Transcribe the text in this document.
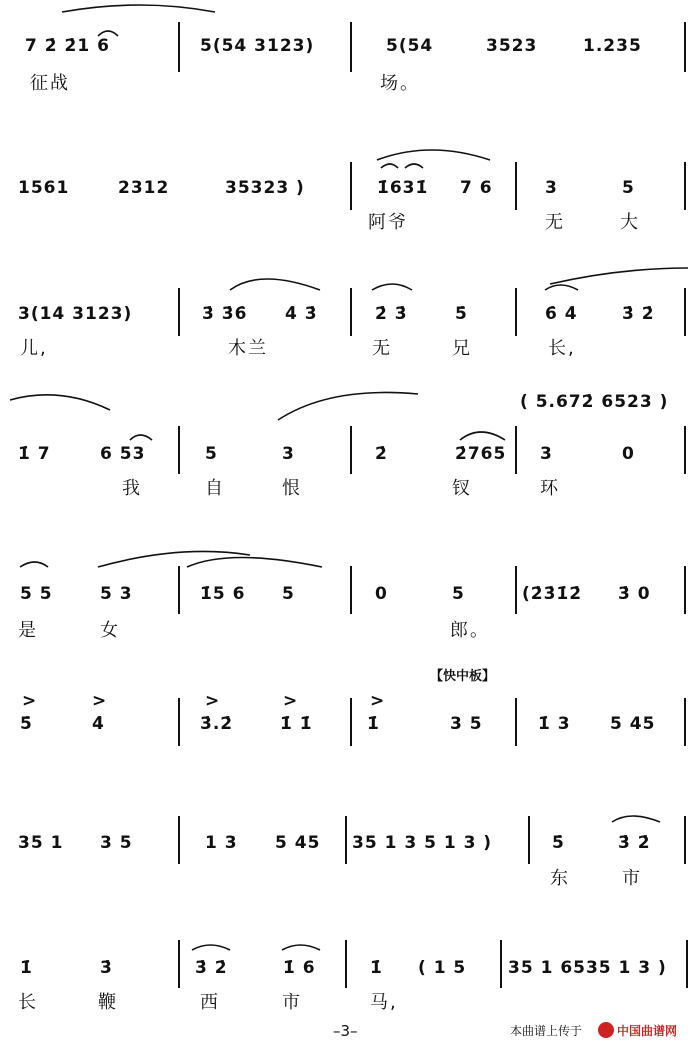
7 2̇ 2̇1 6	5(54 3123)	5(54	3523	1.235
征战	场。
1561	2312	35323 )	1̇631̇ 7 6	3	5
阿爷	无	大
3(14 3123)	3̇ 3̇6̇ 4̇ 3̇	2̇ 3̇	5̇	6̇ 4̇	3̇ 2̇
儿,	木兰	无	兄	长,
( 5.672̇ 6523 )
1̇ 7	6 53	5	3	2̇	2̇765 3	0
我	自	恨	钗	环
5 5	5 3	1̇5 6 5	0	5	(2̇3̇1̇2̇ 3̇ 0
是	女	郎。
【快中板】
>	>	>	>	>
5̇	4̇	3̇.2̇	1̇ 1̇	1̇	3 5	1̇ 3 5 45
35 1 3 5	1 3 5 45 35 1 3 5 1 3 )	5̇	3̇ 2̇
东	市
1̇	3̇	3̇ 2̇	1̇ 6	1̇ ( 1 5 35 1 6535 1 3 )
长	鞭	西	市	马,
–3–	本曲谱上传于	中国曲谱网
